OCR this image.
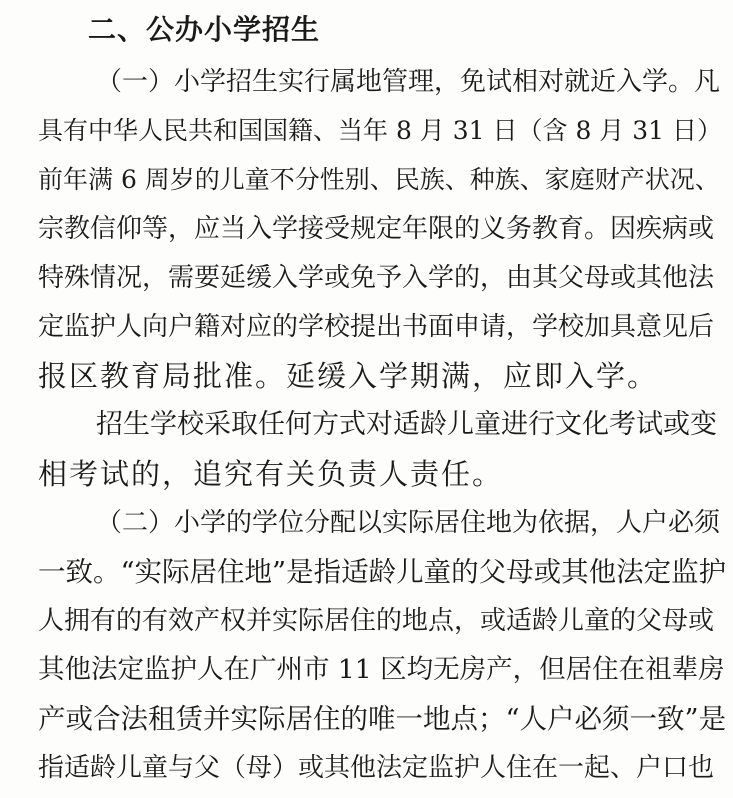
二、公办小学招生
（一）小学招生实行属地管理，免试相对就近入学。凡
具有中华人民共和国国籍、当年 8 月 31 日（含 8 月 31 日）
前年满 6 周岁的儿童不分性别、民族、种族、家庭财产状况、
宗教信仰等，应当入学接受规定年限的义务教育。因疾病或
特殊情况，需要延缓入学或免予入学的，由其父母或其他法
定监护人向户籍对应的学校提出书面申请，学校加具意见后
报区教育局批准。延缓入学期满，应即入学。
招生学校采取任何方式对适龄儿童进行文化考试或变
相考试的，追究有关负责人责任。
（二）小学的学位分配以实际居住地为依据，人户必须
一致。“实际居住地”是指适龄儿童的父母或其他法定监护
人拥有的有效产权并实际居住的地点，或适龄儿童的父母或
其他法定监护人在广州市 11 区均无房产，但居住在祖辈房
产或合法租赁并实际居住的唯一地点；“人户必须一致”是
指适龄儿童与父（母）或其他法定监护人住在一起、户口也
